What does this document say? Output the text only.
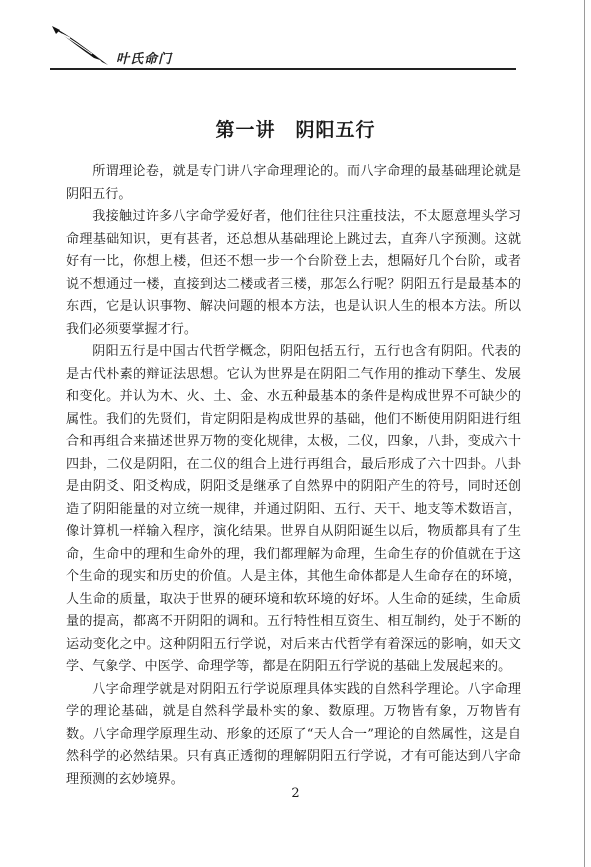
叶氏命门
第一讲　阴阳五行

所谓理论卷，就是专门讲八字命理理论的。而八字命理的最基础理论就是阴阳五行。

我接触过许多八字命学爱好者，他们往往只注重技法，不太愿意埋头学习命理基础知识，更有甚者，还总想从基础理论上跳过去，直奔八字预测。这就好有一比，你想上楼，但还不想一步一个台阶登上去，想隔好几个台阶，或者说不想通过一楼，直接到达二楼或者三楼，那怎么行呢？阴阳五行是最基本的东西，它是认识事物、解决问题的根本方法，也是认识人生的根本方法。所以我们必须要掌握才行。

阴阳五行是中国古代哲学概念，阴阳包括五行，五行也含有阴阳。代表的是古代朴素的辩证法思想。它认为世界是在阴阳二气作用的推动下孳生、发展和变化。并认为木、火、土、金、水五种最基本的条件是构成世界不可缺少的属性。我们的先贤们，肯定阴阳是构成世界的基础，他们不断使用阴阳进行组合和再组合来描述世界万物的变化规律，太极，二仪，四象，八卦，变成六十四卦，二仪是阴阳，在二仪的组合上进行再组合，最后形成了六十四卦。八卦是由阴爻、阳爻构成，阴阳爻是继承了自然界中的阴阳产生的符号，同时还创造了阴阳能量的对立统一规律，并通过阴阳、五行、天干、地支等术数语言，像计算机一样输入程序，演化结果。世界自从阴阳诞生以后，物质都具有了生命，生命中的理和生命外的理，我们都理解为命理，生命生存的价值就在于这个生命的现实和历史的价值。人是主体，其他生命体都是人生命存在的环境，人生命的质量，取决于世界的硬环境和软环境的好坏。人生命的延续，生命质量的提高，都离不开阴阳的调和。五行特性相互资生、相互制约，处于不断的运动变化之中。这种阴阳五行学说，对后来古代哲学有着深远的影响，如天文学、气象学、中医学、命理学等，都是在阴阳五行学说的基础上发展起来的。

八字命理学就是对阴阳五行学说原理具体实践的自然科学理论。八字命理学的理论基础，就是自然科学最朴实的象、数原理。万物皆有象，万物皆有数。八字命理学原理生动、形象的还原了“天人合一”理论的自然属性，这是自然科学的必然结果。只有真正透彻的理解阴阳五行学说，才有可能达到八字命理预测的玄妙境界。

2
